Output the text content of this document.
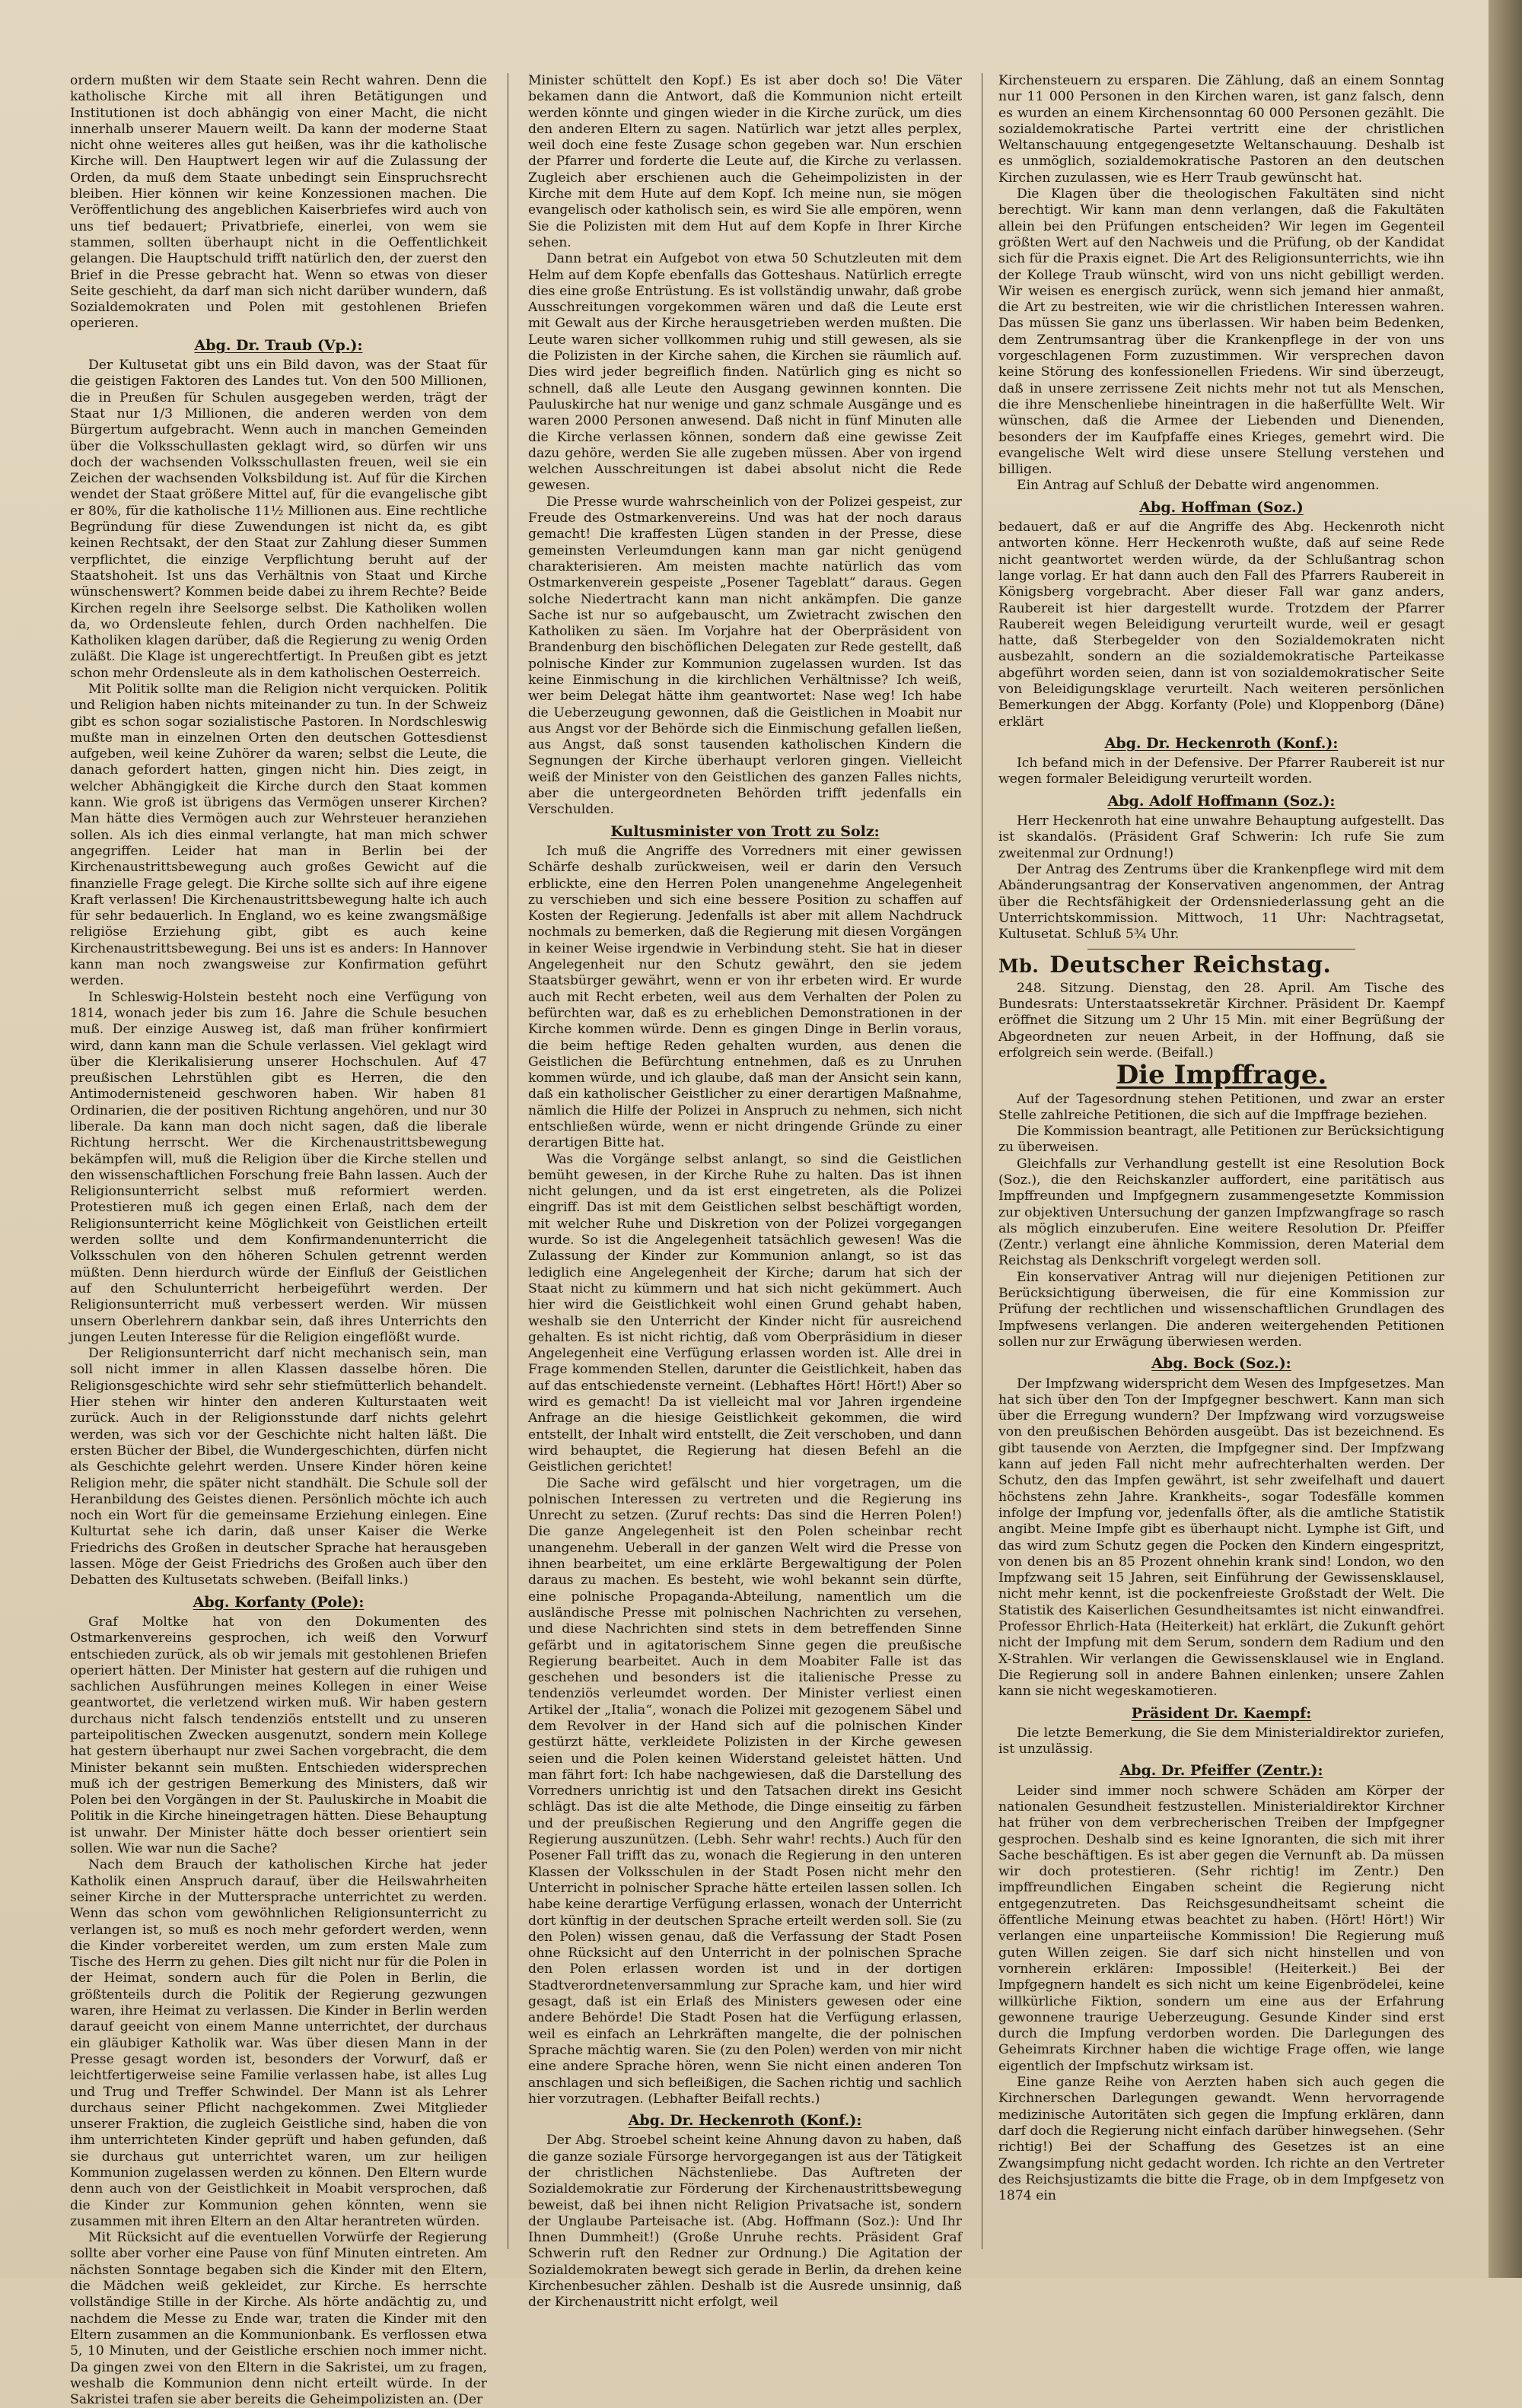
ordern mußten wir dem Staate sein Recht wahren. Denn die katholische Kirche mit all ihren Betätigungen und Institutionen ist doch abhängig von einer Macht, die nicht innerhalb unserer Mauern weilt. Da kann der moderne Staat nicht ohne weiteres alles gut heißen, was ihr die katholische Kirche will. Den Hauptwert legen wir auf die Zulassung der Orden, da muß dem Staate unbedingt sein Einspruchsrecht bleiben. Hier können wir keine Konzessionen machen. Die Veröffentlichung des angeblichen Kaiserbriefes wird auch von uns tief bedauert; Privatbriefe, einerlei, von wem sie stammen, sollten überhaupt nicht in die Oeffentlichkeit gelangen. Die Hauptschuld trifft natürlich den, der zuerst den Brief in die Presse gebracht hat. Wenn so etwas von dieser Seite geschieht, da darf man sich nicht darüber wundern, daß Sozialdemokraten und Polen mit gestohlenen Briefen operieren.

Abg. Dr. Traub (Vp.):

Der Kultusetat gibt uns ein Bild davon, was der Staat für die geistigen Faktoren des Landes tut. Von den 500 Millionen, die in Preußen für Schulen ausgegeben werden, trägt der Staat nur 1/3 Millionen, die anderen werden von dem Bürgertum aufgebracht. Wenn auch in manchen Gemeinden über die Volksschullasten geklagt wird, so dürfen wir uns doch der wachsenden Volksschullasten freuen, weil sie ein Zeichen der wachsenden Volksbildung ist. Auf für die Kirchen wendet der Staat größere Mittel auf, für die evangelische gibt er 80%, für die katholische 11½ Millionen aus. Eine rechtliche Begründung für diese Zuwendungen ist nicht da, es gibt keinen Rechtsakt, der den Staat zur Zahlung dieser Summen verpflichtet, die einzige Verpflichtung beruht auf der Staatshoheit. Ist uns das Verhältnis von Staat und Kirche wünschenswert? Kommen beide dabei zu ihrem Rechte? Beide Kirchen regeln ihre Seelsorge selbst. Die Katholiken wollen da, wo Ordensleute fehlen, durch Orden nachhelfen. Die Katholiken klagen darüber, daß die Regierung zu wenig Orden zuläßt. Die Klage ist ungerechtfertigt. In Preußen gibt es jetzt schon mehr Ordensleute als in dem katholischen Oesterreich.

Mit Politik sollte man die Religion nicht verquicken. Politik und Religion haben nichts miteinander zu tun. In der Schweiz gibt es schon sogar sozialistische Pastoren. In Nordschleswig mußte man in einzelnen Orten den deutschen Gottesdienst aufgeben, weil keine Zuhörer da waren; selbst die Leute, die danach gefordert hatten, gingen nicht hin. Dies zeigt, in welcher Abhängigkeit die Kirche durch den Staat kommen kann. Wie groß ist übrigens das Vermögen unserer Kirchen? Man hätte dies Vermögen auch zur Wehrsteuer heranziehen sollen. Als ich dies einmal verlangte, hat man mich schwer angegriffen. Leider hat man in Berlin bei der Kirchenaustrittsbewegung auch großes Gewicht auf die finanzielle Frage gelegt. Die Kirche sollte sich auf ihre eigene Kraft verlassen! Die Kirchenaustrittsbewegung halte ich auch für sehr bedauerlich. In England, wo es keine zwangsmäßige religiöse Erziehung gibt, gibt es auch keine Kirchenaustrittsbewegung. Bei uns ist es anders: In Hannover kann man noch zwangsweise zur Konfirmation geführt werden.

In Schleswig-Holstein besteht noch eine Verfügung von 1814, wonach jeder bis zum 16. Jahre die Schule besuchen muß. Der einzige Ausweg ist, daß man früher konfirmiert wird, dann kann man die Schule verlassen. Viel geklagt wird über die Klerikalisierung unserer Hochschulen. Auf 47 preußischen Lehrstühlen gibt es Herren, die den Antimodernisteneid geschworen haben. Wir haben 81 Ordinarien, die der positiven Richtung angehören, und nur 30 liberale. Da kann man doch nicht sagen, daß die liberale Richtung herrscht. Wer die Kirchenaustrittsbewegung bekämpfen will, muß die Religion über die Kirche stellen und den wissenschaftlichen Forschung freie Bahn lassen. Auch der Religionsunterricht selbst muß reformiert werden. Protestieren muß ich gegen einen Erlaß, nach dem der Religionsunterricht keine Möglichkeit von Geistlichen erteilt werden sollte und dem Konfirmandenunterricht die Volksschulen von den höheren Schulen getrennt werden müßten. Denn hierdurch würde der Einfluß der Geistlichen auf den Schulunterricht herbeigeführt werden. Der Religionsunterricht muß verbessert werden. Wir müssen unsern Oberlehrern dankbar sein, daß ihres Unterrichts den jungen Leuten Interesse für die Religion eingeflößt wurde.

Der Religionsunterricht darf nicht mechanisch sein, man soll nicht immer in allen Klassen dasselbe hören. Die Religionsgeschichte wird sehr sehr stiefmütterlich behandelt. Hier stehen wir hinter den anderen Kulturstaaten weit zurück. Auch in der Religionsstunde darf nichts gelehrt werden, was sich vor der Geschichte nicht halten läßt. Die ersten Bücher der Bibel, die Wundergeschichten, dürfen nicht als Geschichte gelehrt werden. Unsere Kinder hören keine Religion mehr, die später nicht standhält. Die Schule soll der Heranbildung des Geistes dienen. Persönlich möchte ich auch noch ein Wort für die gemeinsame Erziehung einlegen. Eine Kulturtat sehe ich darin, daß unser Kaiser die Werke Friedrichs des Großen in deutscher Sprache hat herausgeben lassen. Möge der Geist Friedrichs des Großen auch über den Debatten des Kultusetats schweben. (Beifall links.)

Abg. Korfanty (Pole):

Graf Moltke hat von den Dokumenten des Ostmarkenvereins gesprochen, ich weiß den Vorwurf entschieden zurück, als ob wir jemals mit gestohlenen Briefen operiert hätten. Der Minister hat gestern auf die ruhigen und sachlichen Ausführungen meines Kollegen in einer Weise geantwortet, die verletzend wirken muß. Wir haben gestern durchaus nicht falsch tendenziös entstellt und zu unseren parteipolitischen Zwecken ausgenutzt, sondern mein Kollege hat gestern überhaupt nur zwei Sachen vorgebracht, die dem Minister bekannt sein mußten. Entschieden widersprechen muß ich der gestrigen Bemerkung des Ministers, daß wir Polen bei den Vorgängen in der St. Pauluskirche in Moabit die Politik in die Kirche hineingetragen hätten. Diese Behauptung ist unwahr. Der Minister hätte doch besser orientiert sein sollen. Wie war nun die Sache?

Nach dem Brauch der katholischen Kirche hat jeder Katholik einen Anspruch darauf, über die Heilswahrheiten seiner Kirche in der Muttersprache unterrichtet zu werden. Wenn das schon vom gewöhnlichen Religionsunterricht zu verlangen ist, so muß es noch mehr gefordert werden, wenn die Kinder vorbereitet werden, um zum ersten Male zum Tische des Herrn zu gehen. Dies gilt nicht nur für die Polen in der Heimat, sondern auch für die Polen in Berlin, die größtenteils durch die Politik der Regierung gezwungen waren, ihre Heimat zu verlassen. Die Kinder in Berlin werden darauf geeicht von einem Manne unterrichtet, der durchaus ein gläubiger Katholik war. Was über diesen Mann in der Presse gesagt worden ist, besonders der Vorwurf, daß er leichtfertigerweise seine Familie verlassen habe, ist alles Lug und Trug und Treffer Schwindel. Der Mann ist als Lehrer durchaus seiner Pflicht nachgekommen. Zwei Mitglieder unserer Fraktion, die zugleich Geistliche sind, haben die von ihm unterrichteten Kinder geprüft und haben gefunden, daß sie durchaus gut unterrichtet waren, um zur heiligen Kommunion zugelassen werden zu können. Den Eltern wurde denn auch von der Geistlichkeit in Moabit versprochen, daß die Kinder zur Kommunion gehen könnten, wenn sie zusammen mit ihren Eltern an den Altar herantreten würden.

Mit Rücksicht auf die eventuellen Vorwürfe der Regierung sollte aber vorher eine Pause von fünf Minuten eintreten. Am nächsten Sonntage begaben sich die Kinder mit den Eltern, die Mädchen weiß gekleidet, zur Kirche. Es herrschte vollständige Stille in der Kirche. Als hörte andächtig zu, und nachdem die Messe zu Ende war, traten die Kinder mit den Eltern zusammen an die Kommunionbank. Es verflossen etwa 5, 10 Minuten, und der Geistliche erschien noch immer nicht. Da gingen zwei von den Eltern in die Sakristei, um zu fragen, weshalb die Kommunion denn nicht erteilt würde. In der Sakristei trafen sie aber bereits die Geheimpolizisten an. (Der

Minister schüttelt den Kopf.) Es ist aber doch so! Die Väter bekamen dann die Antwort, daß die Kommunion nicht erteilt werden könnte und gingen wieder in die Kirche zurück, um dies den anderen Eltern zu sagen. Natürlich war jetzt alles perplex, weil doch eine feste Zusage schon gegeben war. Nun erschien der Pfarrer und forderte die Leute auf, die Kirche zu verlassen. Zugleich aber erschienen auch die Geheimpolizisten in der Kirche mit dem Hute auf dem Kopf. Ich meine nun, sie mögen evangelisch oder katholisch sein, es wird Sie alle empören, wenn Sie die Polizisten mit dem Hut auf dem Kopfe in Ihrer Kirche sehen.

Dann betrat ein Aufgebot von etwa 50 Schutzleuten mit dem Helm auf dem Kopfe ebenfalls das Gotteshaus. Natürlich erregte dies eine große Entrüstung. Es ist vollständig unwahr, daß grobe Ausschreitungen vorgekommen wären und daß die Leute erst mit Gewalt aus der Kirche herausgetrieben werden mußten. Die Leute waren sicher vollkommen ruhig und still gewesen, als sie die Polizisten in der Kirche sahen, die Kirchen sie räumlich auf. Dies wird jeder begreiflich finden. Natürlich ging es nicht so schnell, daß alle Leute den Ausgang gewinnen konnten. Die Pauluskirche hat nur wenige und ganz schmale Ausgänge und es waren 2000 Personen anwesend. Daß nicht in fünf Minuten alle die Kirche verlassen können, sondern daß eine gewisse Zeit dazu gehöre, werden Sie alle zugeben müssen. Aber von irgend welchen Ausschreitungen ist dabei absolut nicht die Rede gewesen.

Die Presse wurde wahrscheinlich von der Polizei gespeist, zur Freude des Ostmarkenvereins. Und was hat der noch daraus gemacht! Die kraffesten Lügen standen in der Presse, diese gemeinsten Verleumdungen kann man gar nicht genügend charakterisieren. Am meisten machte natürlich das vom Ostmarkenverein gespeiste „Posener Tageblatt“ daraus. Gegen solche Niedertracht kann man nicht ankämpfen. Die ganze Sache ist nur so aufgebauscht, um Zwietracht zwischen den Katholiken zu säen. Im Vorjahre hat der Oberpräsident von Brandenburg den bischöflichen Delegaten zur Rede gestellt, daß polnische Kinder zur Kommunion zugelassen wurden. Ist das keine Einmischung in die kirchlichen Verhältnisse? Ich weiß, wer beim Delegat hätte ihm geantwortet: Nase weg! Ich habe die Ueberzeugung gewonnen, daß die Geistlichen in Moabit nur aus Angst vor der Behörde sich die Einmischung gefallen ließen, aus Angst, daß sonst tausenden katholischen Kindern die Segnungen der Kirche überhaupt verloren gingen. Vielleicht weiß der Minister von den Geistlichen des ganzen Falles nichts, aber die untergeordneten Behörden trifft jedenfalls ein Verschulden.

Kultusminister von Trott zu Solz:

Ich muß die Angriffe des Vorredners mit einer gewissen Schärfe deshalb zurückweisen, weil er darin den Versuch erblickte, eine den Herren Polen unangenehme Angelegenheit zu verschieben und sich eine bessere Position zu schaffen auf Kosten der Regierung. Jedenfalls ist aber mit allem Nachdruck nochmals zu bemerken, daß die Regierung mit diesen Vorgängen in keiner Weise irgendwie in Verbindung steht. Sie hat in dieser Angelegenheit nur den Schutz gewährt, den sie jedem Staatsbürger gewährt, wenn er von ihr erbeten wird. Er wurde auch mit Recht erbeten, weil aus dem Verhalten der Polen zu befürchten war, daß es zu erheblichen Demonstrationen in der Kirche kommen würde. Denn es gingen Dinge in Berlin voraus, die beim heftige Reden gehalten wurden, aus denen die Geistlichen die Befürchtung entnehmen, daß es zu Unruhen kommen würde, und ich glaube, daß man der Ansicht sein kann, daß ein katholischer Geistlicher zu einer derartigen Maßnahme, nämlich die Hilfe der Polizei in Anspruch zu nehmen, sich nicht entschließen würde, wenn er nicht dringende Gründe zu einer derartigen Bitte hat.

Was die Vorgänge selbst anlangt, so sind die Geistlichen bemüht gewesen, in der Kirche Ruhe zu halten. Das ist ihnen nicht gelungen, und da ist erst eingetreten, als die Polizei eingriff. Das ist mit dem Geistlichen selbst beschäftigt worden, mit welcher Ruhe und Diskretion von der Polizei vorgegangen wurde. So ist die Angelegenheit tatsächlich gewesen! Was die Zulassung der Kinder zur Kommunion anlangt, so ist das lediglich eine Angelegenheit der Kirche; darum hat sich der Staat nicht zu kümmern und hat sich nicht gekümmert. Auch hier wird die Geistlichkeit wohl einen Grund gehabt haben, weshalb sie den Unterricht der Kinder nicht für ausreichend gehalten. Es ist nicht richtig, daß vom Oberpräsidium in dieser Angelegenheit eine Verfügung erlassen worden ist. Alle drei in Frage kommenden Stellen, darunter die Geistlichkeit, haben das auf das entschiedenste verneint. (Lebhaftes Hört! Hört!) Aber so wird es gemacht! Da ist vielleicht mal vor Jahren irgendeine Anfrage an die hiesige Geistlichkeit gekommen, die wird entstellt, der Inhalt wird entstellt, die Zeit verschoben, und dann wird behauptet, die Regierung hat diesen Befehl an die Geistlichen gerichtet!

Die Sache wird gefälscht und hier vorgetragen, um die polnischen Interessen zu vertreten und die Regierung ins Unrecht zu setzen. (Zuruf rechts: Das sind die Herren Polen!) Die ganze Angelegenheit ist den Polen scheinbar recht unangenehm. Ueberall in der ganzen Welt wird die Presse von ihnen bearbeitet, um eine erklärte Bergewaltigung der Polen daraus zu machen. Es besteht, wie wohl bekannt sein dürfte, eine polnische Propaganda-Abteilung, namentlich um die ausländische Presse mit polnischen Nachrichten zu versehen, und diese Nachrichten sind stets in dem betreffenden Sinne gefärbt und in agitatorischem Sinne gegen die preußische Regierung bearbeitet. Auch in dem Moabiter Falle ist das geschehen und besonders ist die italienische Presse zu tendenziös verleumdet worden. Der Minister verliest einen Artikel der „Italia“, wonach die Polizei mit gezogenem Säbel und dem Revolver in der Hand sich auf die polnischen Kinder gestürzt hätte, verkleidete Polizisten in der Kirche gewesen seien und die Polen keinen Widerstand geleistet hätten. Und man fährt fort: Ich habe nachgewiesen, daß die Darstellung des Vorredners unrichtig ist und den Tatsachen direkt ins Gesicht schlägt. Das ist die alte Methode, die Dinge einseitig zu färben und der preußischen Regierung und den Angriffe gegen die Regierung auszunützen. (Lebh. Sehr wahr! rechts.) Auch für den Posener Fall trifft das zu, wonach die Regierung in den unteren Klassen der Volksschulen in der Stadt Posen nicht mehr den Unterricht in polnischer Sprache hätte erteilen lassen sollen. Ich habe keine derartige Verfügung erlassen, wonach der Unterricht dort künftig in der deutschen Sprache erteilt werden soll. Sie (zu den Polen) wissen genau, daß die Verfassung der Stadt Posen ohne Rücksicht auf den Unterricht in der polnischen Sprache den Polen erlassen worden ist und in der dortigen Stadtverordnetenversammlung zur Sprache kam, und hier wird gesagt, daß ist ein Erlaß des Ministers gewesen oder eine andere Behörde! Die Stadt Posen hat die Verfügung erlassen, weil es einfach an Lehrkräften mangelte, die der polnischen Sprache mächtig waren. Sie (zu den Polen) werden von mir nicht eine andere Sprache hören, wenn Sie nicht einen anderen Ton anschlagen und sich befleißigen, die Sachen richtig und sachlich hier vorzutragen. (Lebhafter Beifall rechts.)

Abg. Dr. Heckenroth (Konf.):

Der Abg. Stroebel scheint keine Ahnung davon zu haben, daß die ganze soziale Fürsorge hervorgegangen ist aus der Tätigkeit der christlichen Nächstenliebe. Das Auftreten der Sozialdemokratie zur Förderung der Kirchenaustrittsbewegung beweist, daß bei ihnen nicht Religion Privatsache ist, sondern der Unglaube Parteisache ist. (Abg. Hoffmann (Soz.): Und Ihr Ihnen Dummheit!) (Große Unruhe rechts. Präsident Graf Schwerin ruft den Redner zur Ordnung.) Die Agitation der Sozialdemokraten bewegt sich gerade in Berlin, da drehen keine Kirchenbesucher zählen. Deshalb ist die Ausrede unsinnig, daß der Kirchenaustritt nicht erfolgt, weil

Kirchensteuern zu ersparen. Die Zählung, daß an einem Sonntag nur 11 000 Personen in den Kirchen waren, ist ganz falsch, denn es wurden an einem Kirchensonntag 60 000 Personen gezählt. Die sozialdemokratische Partei vertritt eine der christlichen Weltanschauung entgegengesetzte Weltanschauung. Deshalb ist es unmöglich, sozialdemokratische Pastoren an den deutschen Kirchen zuzulassen, wie es Herr Traub gewünscht hat.

Die Klagen über die theologischen Fakultäten sind nicht berechtigt. Wir kann man denn verlangen, daß die Fakultäten allein bei den Prüfungen entscheiden? Wir legen im Gegenteil größten Wert auf den Nachweis und die Prüfung, ob der Kandidat sich für die Praxis eignet. Die Art des Religionsunterrichts, wie ihn der Kollege Traub wünscht, wird von uns nicht gebilligt werden. Wir weisen es energisch zurück, wenn sich jemand hier anmaßt, die Art zu bestreiten, wie wir die christlichen Interessen wahren. Das müssen Sie ganz uns überlassen. Wir haben beim Bedenken, dem Zentrumsantrag über die Krankenpflege in der von uns vorgeschlagenen Form zuzustimmen. Wir versprechen davon keine Störung des konfessionellen Friedens. Wir sind überzeugt, daß in unsere zerrissene Zeit nichts mehr not tut als Menschen, die ihre Menschenliebe hineintragen in die haßerfüllte Welt. Wir wünschen, daß die Armee der Liebenden und Dienenden, besonders der im Kaufpfaffe eines Krieges, gemehrt wird. Die evangelische Welt wird diese unsere Stellung verstehen und billigen.

Ein Antrag auf Schluß der Debatte wird angenommen.

Abg. Hoffman (Soz.)

bedauert, daß er auf die Angriffe des Abg. Heckenroth nicht antworten könne. Herr Heckenroth wußte, daß auf seine Rede nicht geantwortet werden würde, da der Schlußantrag schon lange vorlag. Er hat dann auch den Fall des Pfarrers Raubereit in Königsberg vorgebracht. Aber dieser Fall war ganz anders, Raubereit ist hier dargestellt wurde. Trotzdem der Pfarrer Raubereit wegen Beleidigung verurteilt wurde, weil er gesagt hatte, daß Sterbegelder von den Sozialdemokraten nicht ausbezahlt, sondern an die sozialdemokratische Parteikasse abgeführt worden seien, dann ist von sozialdemokratischer Seite von Beleidigungsklage verurteilt. Nach weiteren persönlichen Bemerkungen der Abgg. Korfanty (Pole) und Kloppenborg (Däne) erklärt

Abg. Dr. Heckenroth (Konf.):

Ich befand mich in der Defensive. Der Pfarrer Raubereit ist nur wegen formaler Beleidigung verurteilt worden.

Abg. Adolf Hoffmann (Soz.):

Herr Heckenroth hat eine unwahre Behauptung aufgestellt. Das ist skandalös. (Präsident Graf Schwerin: Ich rufe Sie zum zweitenmal zur Ordnung!)

Der Antrag des Zentrums über die Krankenpflege wird mit dem Abänderungsantrag der Konservativen angenommen, der Antrag über die Rechtsfähigkeit der Ordensniederlassung geht an die Unterrichtskommission. Mittwoch, 11 Uhr: Nachtragsetat, Kultusetat. Schluß 5¾ Uhr.

Mb. Deutscher Reichstag.

248. Sitzung. Dienstag, den 28. April. Am Tische des Bundesrats: Unterstaatssekretär Kirchner. Präsident Dr. Kaempf eröffnet die Sitzung um 2 Uhr 15 Min. mit einer Begrüßung der Abgeordneten zur neuen Arbeit, in der Hoffnung, daß sie erfolgreich sein werde. (Beifall.)

Die Impffrage.

Auf der Tagesordnung stehen Petitionen, und zwar an erster Stelle zahlreiche Petitionen, die sich auf die Impffrage beziehen.

Die Kommission beantragt, alle Petitionen zur Berücksichtigung zu überweisen.

Gleichfalls zur Verhandlung gestellt ist eine Resolution Bock (Soz.), die den Reichskanzler auffordert, eine paritätisch aus Impffreunden und Impfgegnern zusammengesetzte Kommission zur objektiven Untersuchung der ganzen Impfzwangfrage so rasch als möglich einzuberufen. Eine weitere Resolution Dr. Pfeiffer (Zentr.) verlangt eine ähnliche Kommission, deren Material dem Reichstag als Denkschrift vorgelegt werden soll.

Ein konservativer Antrag will nur diejenigen Petitionen zur Berücksichtigung überweisen, die für eine Kommission zur Prüfung der rechtlichen und wissenschaftlichen Grundlagen des Impfwesens verlangen. Die anderen weitergehenden Petitionen sollen nur zur Erwägung überwiesen werden.

Abg. Bock (Soz.):

Der Impfzwang widerspricht dem Wesen des Impfgesetzes. Man hat sich über den Ton der Impfgegner beschwert. Kann man sich über die Erregung wundern? Der Impfzwang wird vorzugsweise von den preußischen Behörden ausgeübt. Das ist bezeichnend. Es gibt tausende von Aerzten, die Impfgegner sind. Der Impfzwang kann auf jeden Fall nicht mehr aufrechterhalten werden. Der Schutz, den das Impfen gewährt, ist sehr zweifelhaft und dauert höchstens zehn Jahre. Krankheits-, sogar Todesfälle kommen infolge der Impfung vor, jedenfalls öfter, als die amtliche Statistik angibt. Meine Impfe gibt es überhaupt nicht. Lymphe ist Gift, und das wird zum Schutz gegen die Pocken den Kindern eingespritzt, von denen bis an 85 Prozent ohnehin krank sind! London, wo den Impfzwang seit 15 Jahren, seit Einführung der Gewissensklausel, nicht mehr kennt, ist die pockenfreieste Großstadt der Welt. Die Statistik des Kaiserlichen Gesundheitsamtes ist nicht einwandfrei. Professor Ehrlich-Hata (Heiterkeit) hat erklärt, die Zukunft gehört nicht der Impfung mit dem Serum, sondern dem Radium und den X-Strahlen. Wir verlangen die Gewissensklausel wie in England. Die Regierung soll in andere Bahnen einlenken; unsere Zahlen kann sie nicht wegeskamotieren.

Präsident Dr. Kaempf:

Die letzte Bemerkung, die Sie dem Ministerialdirektor zuriefen, ist unzulässig.

Abg. Dr. Pfeiffer (Zentr.):

Leider sind immer noch schwere Schäden am Körper der nationalen Gesundheit festzustellen. Ministerialdirektor Kirchner hat früher von dem verbrecherischen Treiben der Impfgegner gesprochen. Deshalb sind es keine Ignoranten, die sich mit ihrer Sache beschäftigen. Es ist aber gegen die Vernunft ab. Da müssen wir doch protestieren. (Sehr richtig! im Zentr.) Den impffreundlichen Eingaben scheint die Regierung nicht entgegenzutreten. Das Reichsgesundheitsamt scheint die öffentliche Meinung etwas beachtet zu haben. (Hört! Hört!) Wir verlangen eine unparteiische Kommission! Die Regierung muß guten Willen zeigen. Sie darf sich nicht hinstellen und von vornherein erklären: Impossible! (Heiterkeit.) Bei der Impfgegnern handelt es sich nicht um keine Eigenbrödelei, keine willkürliche Fiktion, sondern um eine aus der Erfahrung gewonnene traurige Ueberzeugung. Gesunde Kinder sind erst durch die Impfung verdorben worden. Die Darlegungen des Geheimrats Kirchner haben die wichtige Frage offen, wie lange eigentlich der Impfschutz wirksam ist.

Eine ganze Reihe von Aerzten haben sich auch gegen die Kirchnerschen Darlegungen gewandt. Wenn hervorragende medizinische Autoritäten sich gegen die Impfung erklären, dann darf doch die Regierung nicht einfach darüber hinwegsehen. (Sehr richtig!) Bei der Schaffung des Gesetzes ist an eine Zwangsimpfung nicht gedacht worden. Ich richte an den Vertreter des Reichsjustizamts die bitte die Frage, ob in dem Impfgesetz von 1874 ein
